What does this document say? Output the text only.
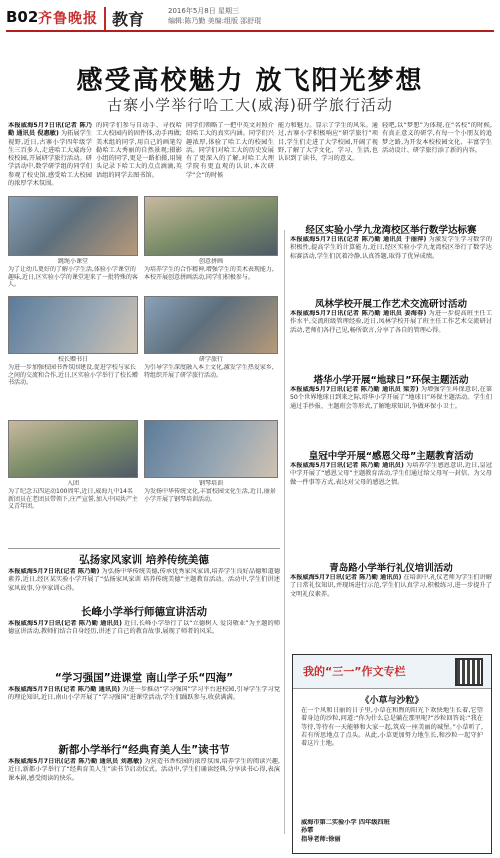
B02 齐鲁晚报 教育	2016年5月8日 星期三
编辑:陈乃勤 美编:组版 邵舒琨
感受高校魅力 放飞阳光梦想
古寨小学举行哈工大(威海)研学旅行活动
本报威海5月7日讯(记者 陈乃勤 通讯员 倪惠敏) 为拓展学生视野,近日,古寨小学四年级学生三百多人,走进哈工大威海分校校园,开展研学旅行活动。研学活动中,数学研学组的同学们参观了校史馆,感受哈工大校园的浓厚学术氛围。
的同学们参与自动手、寻找哈工大校园内的固件体,动手再做;美术组的同学,用自己的画笔勾勒哈工大秀丽的自然景观;摄影小组的同学,更是一路拍摄,用镜头记录下哈工大的点点滴滴,英语组的同学去图书馆。
同学们领略了一把中英文对照介绍哈工大的真实内涵。同学们兴趣浓厚,体验了哈工大的校园生活。同学们对哈工大的历史发展有了更深入的了解,对哈工大理学院有更直观的认识,本次研学“会”的时候
能力和魅力。显示了学生的风采。通过,古寨小学积极响应“研学旅行”项目,学生们走进了大学校园,开阔了视野,了解了大学文化、学习、生活,也认识到了读书、学习的意义。
轻吧,以“梦想”为体现,在“名校”的时候,有真正意义的研学,有每一个小朋友的追梦之路,为开发本校校园文化、丰富学生活动设计、研学旅行添了新的内容。
跳绳小课堂
为了让幼儿更好的了解小学生活,体验小学课堂的趣味,近日,区实验小学的课堂迎来了一批特殊的客人。
创意拼画
为培养学生的合作精神,增强学生的美术表现能力,本校开展创意拼画活动,同学们积极参与。
校长赠书日
为进一步加强校园书香氛围建设,促进学校与家长之间的交流和合作,近日,区实验小学举行了校长赠书活动。
研学旅行
为引导学生深度融入本土文化,激发学生热爱家乡,特组织开展了研学旅行活动。
入团
为了纪念五四运动100周年,近日,威海九中14名新团员在老团员带领下,庄严宣誓,加入中国共产主义青年团。
钢琴培训
为发扬中华传统文化,丰富校园文化生活,近日,丽景小学开展了钢琴培训活动。
弘扬家风家训 培养传统美德
本报威海5月7日讯(记者 陈乃勤) 为弘扬中华传统美德,传承优秀家风家训,培养学生良好品德和道德素养,近日,经区某实验小学开展了“弘扬家风家训 培养传统美德”主题教育活动。活动中,学生们讲述家风故事,分享家训心得。
长峰小学举行师德宣讲活动
本报威海5月7日讯(记者 陈乃勤 通讯员) 近日,长峰小学举行了以“立德树人 爱岗敬业”为主题的师德宣讲活动,教师们结合自身经历,讲述了自己的教育故事,展现了师者的风采。
“学习强国”进课堂 南山学子乐“四海”
本报威海5月7日讯(记者 陈乃勤 通讯员) 为进一步推动“学习强国”学习平台进校园,引导学生学习党的理论知识,近日,南山小学开展了“学习强国”进课堂活动,学生们踊跃参与,收获满满。
新都小学举行“经典育美人生”读书节
本报威海5月7日讯(记者 陈乃勤 通讯员 刘惠敏) 为营造书香校园的浓厚氛围,培养学生的阅读兴趣,近日,新都小学举行了“经典育美人生”读书节启动仪式。活动中,学生们诵读经典,分享读书心得,表演课本剧,感受阅读的快乐。
经区实验小学九龙湾校区举行数学达标赛
本报威海5月7日讯(记者 陈乃勤 通讯员 于丽萍) 为激发学生学习数学的积极性,提高学生的计算能力,近日,经区实验小学九龙湾校区举行了数学达标赛活动,学生们沉着冷静,认真答题,取得了优异成绩。
凤林学校开展工作艺术交流研讨活动
本报威海5月7日讯(记者 陈乃勤 通讯员 姜海春) 为进一步提高班主任工作水平,交流班级管理经验,近日,凤林学校开展了班主任工作艺术交流研讨活动,老师们各抒己见,畅所欲言,分享了各自的管理心得。
塔华小学开展“地球日”环保主题活动
本报威海5月7日讯(记者 陈乃勤 通讯员 梁芳) 为增强学生环保意识,在第50个世界地球日到来之际,塔华小学开展了“地球日”环保主题活动。学生们通过手抄报、主题班会等形式,了解地球知识,争做环保小卫士。
皇冠中学开展“感恩父母”主题教育活动
本报威海5月7日讯(记者 陈乃勤 通讯员) 为培养学生感恩意识,近日,皇冠中学开展了“感恩父母”主题教育活动,学生们通过给父母写一封信、为父母做一件事等方式,表达对父母的感恩之情。
青岛路小学举行礼仪培训活动
本报威海5月7日讯(记者 陈乃勤 通讯员) 在培训中,礼仪老师为学生们讲解了日常礼仪知识,并现场进行示范,学生们认真学习,积极练习,进一步提升了文明礼仪素养。
我的“三一”作文专栏
《小草与沙粒》
在一个风和日丽的日子里,小草在和煦的阳光下欢快地生长着,它望着身边的沙粒,问道:“你为什么总是躺在那里呢?”沙粒回答说:“我在等待,等待有一天能够和大家一起,筑成一座美丽的城堡。”小草听了,若有所思地点了点头。从此,小草更加努力地生长,和沙粒一起守护着这片土地。
威海市第二实验小学 四年级四班
孙霏
指导老师:徐丽
